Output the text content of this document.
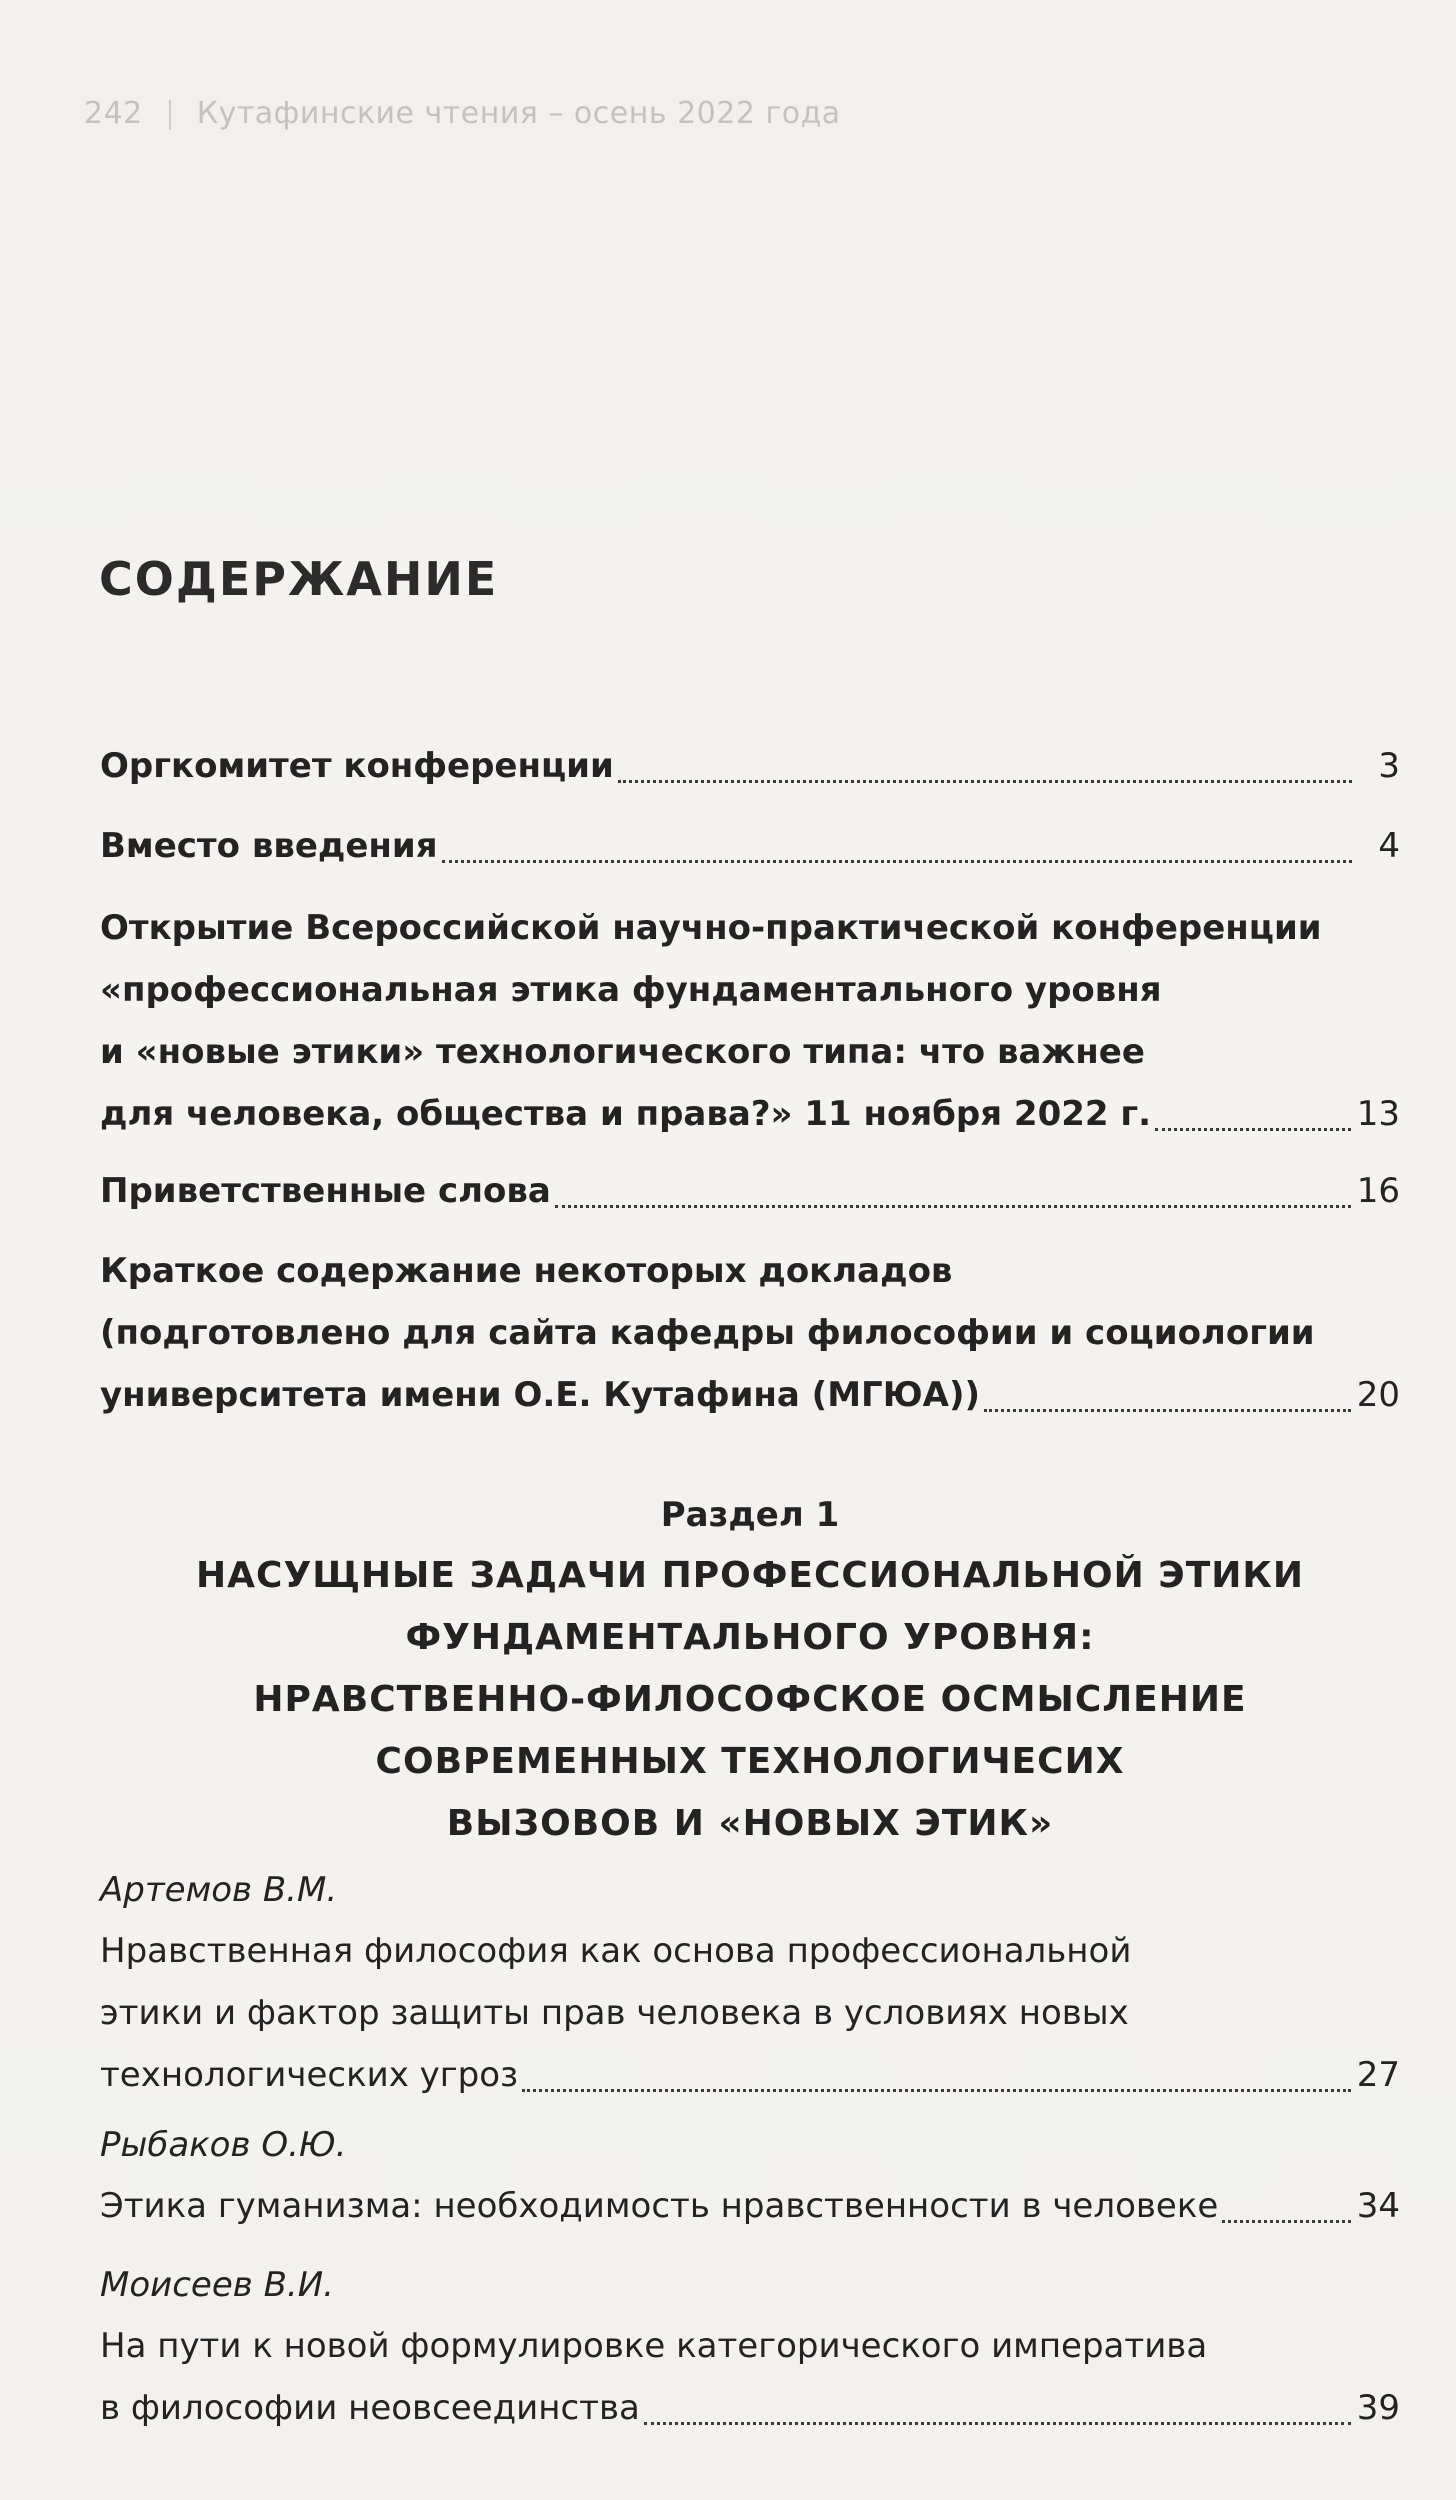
242 Кутафинские чтения – осень 2022 года
СОДЕРЖАНИЕ
Оргкомитет конференции	3
Вместо введения	4
Открытие Всероссийской научно-практической конференции
«профессиональная этика фундаментального уровня
и «новые этики» технологического типа: что важнее
для человека, общества и права?» 11 ноября 2022 г.	13
Приветственные слова	16
Краткое содержание некоторых докладов
(подготовлено для сайта кафедры философии и социологии
университета имени О.Е. Кутафина (МГЮА))	20
Раздел 1
НАСУЩНЫЕ ЗАДАЧИ ПРОФЕССИОНАЛЬНОЙ ЭТИКИ
ФУНДАМЕНТАЛЬНОГО УРОВНЯ:
НРАВСТВЕННО-ФИЛОСОФСКОЕ ОСМЫСЛЕНИЕ
СОВРЕМЕННЫХ ТЕХНОЛОГИЧЕСИХ
ВЫЗОВОВ И «НОВЫХ ЭТИК»
Артемов В.М.
Нравственная философия как основа профессиональной
этики и фактор защиты прав человека в условиях новых
технологических угроз	27
Рыбаков О.Ю.
Этика гуманизма: необходимость нравственности в человеке	34
Моисеев В.И.
На пути к новой формулировке категорического императива
в философии неовсеединства	39
